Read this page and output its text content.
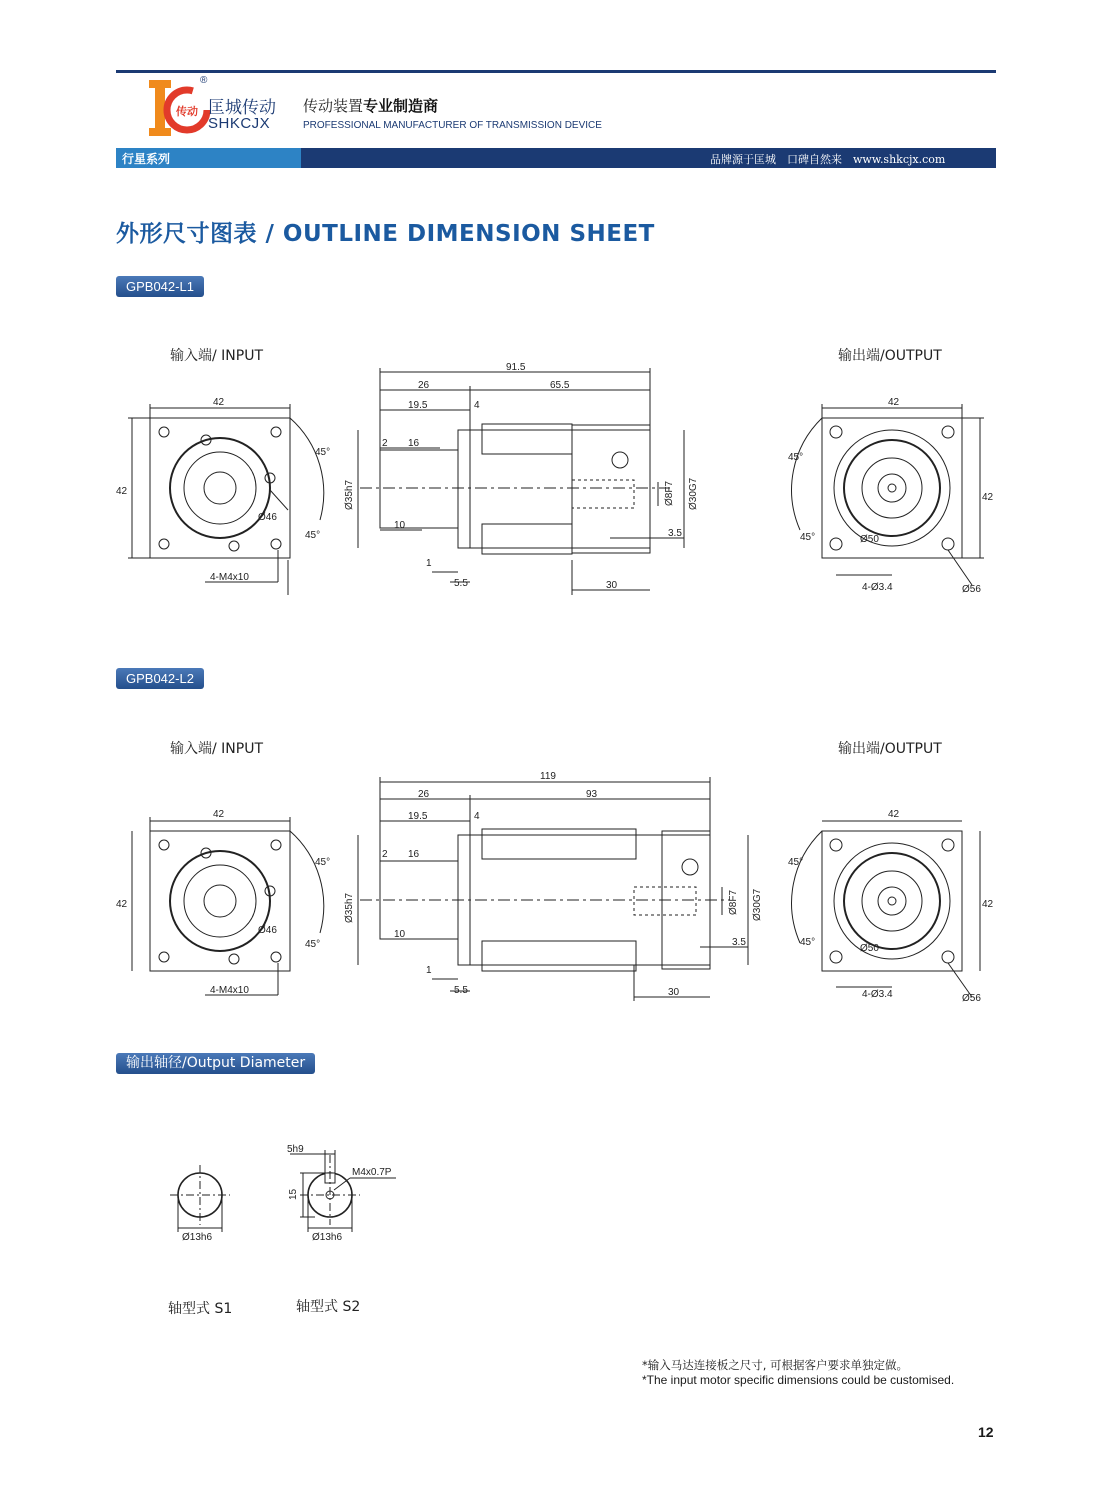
传动
®
匡城传动
SHKCJX
传动装置专业制造商
PROFESSIONAL MANUFACTURER OF TRANSMISSION DEVICE
行星系列	品牌源于匡城　口碑自然来　www.shkcjx.com
外形尺寸图表 / OUTLINE DIMENSION SHEET
GPB042-L1
输入端/ INPUT	输出端/OUTPUT
42
42
45°
45°
Ø46
4-M4x10
91.5
26	65.5
19.5	4
2 16
10
1
5.5	30
3.5
Ø35h7	Ø8F7 Ø30G7
42
42
45°
45°	Ø50
4-Ø3.4	Ø56
GPB042-L2
输入端/ INPUT	输出端/OUTPUT
42
42
45°
45°
Ø46
4-M4x10
119
26	93
19.5	4
2 16
10
1
5.5	30
3.5
Ø35h7	Ø8F7 Ø30G7
42
42
45°
45°
Ø50
4-Ø3.4	Ø56
输出轴径/Output Diameter
Ø13h6	Ø13h6
5h9
15
M4x0.7P
轴型式 S1	轴型式 S2
*输入马达连接板之尺寸, 可根据客户要求单独定做。
*The input motor specific dimensions could be customised.
12
